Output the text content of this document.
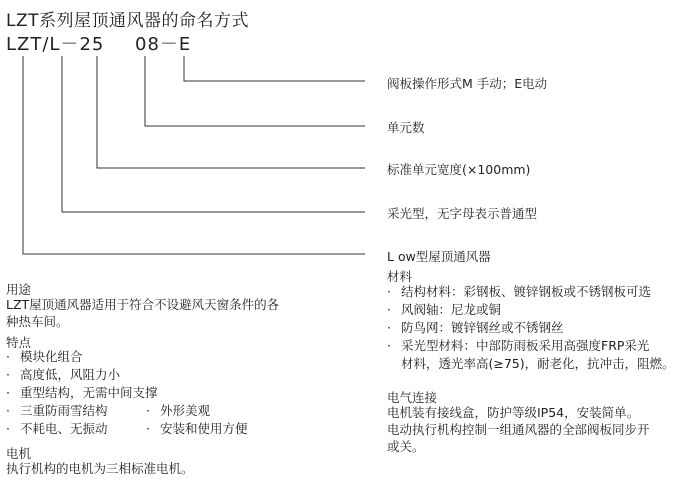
LZT系列屋顶通风器的命名方式
LZT/L－25 08－E
阀板操作形式M 手动；E电动
单元数
标准单元宽度(×100mm)
采光型，无字母表示普通型
L ow型屋顶通风器
用途
LZT屋顶通风器适用于符合不设避风天窗条件的各
种热车间。
特点
· 模块化组合
· 高度低，风阻力小
· 重型结构，无需中间支撑
· 三重防雨雪结构	· 外形美观
· 不耗电、无振动	· 安装和使用方便
电机
执行机构的电机为三相标准电机。
材料
· 结构材料：彩钢板、镀锌钢板或不锈钢板可选
· 风阀轴：尼龙或铜
· 防鸟网：镀锌钢丝或不锈钢丝
· 采光型材料：中部防雨板采用高强度FRP采光
材料，透光率高(≥75)，耐老化，抗冲击，阻燃。
电气连接
电机装有接线盒，防护等级IP54，安装简单。
电动执行机构控制一组通风器的全部阀板同步开
或关。
